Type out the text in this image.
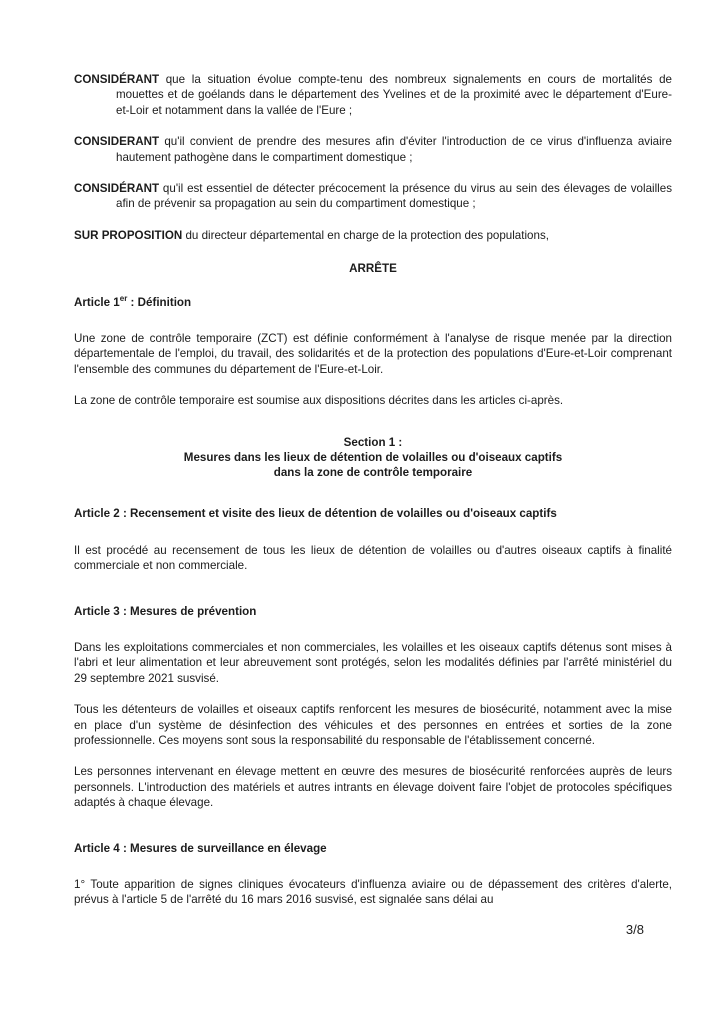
CONSIDÉRANT que la situation évolue compte-tenu des nombreux signalements en cours de mortalités de mouettes et de goélands dans le département des Yvelines et de la proximité avec le département d'Eure-et-Loir et notamment dans la vallée de l'Eure ;

CONSIDERANT qu'il convient de prendre des mesures afin d'éviter l'introduction de ce virus d'influenza aviaire hautement pathogène dans le compartiment domestique ;

CONSIDÉRANT qu'il est essentiel de détecter précocement la présence du virus au sein des élevages de volailles afin de prévenir sa propagation au sein du compartiment domestique ;

SUR PROPOSITION du directeur départemental en charge de la protection des populations,

ARRÊTE
Article 1er : Définition

Une zone de contrôle temporaire (ZCT) est définie conformément à l'analyse de risque menée par la direction départementale de l'emploi, du travail, des solidarités et de la protection des populations d'Eure-et-Loir comprenant l'ensemble des communes du département de l'Eure-et-Loir.

La zone de contrôle temporaire est soumise aux dispositions décrites dans les articles ci-après.

Section 1 :
Mesures dans les lieux de détention de volailles ou d'oiseaux captifs
dans la zone de contrôle temporaire
Article 2 : Recensement et visite des lieux de détention de volailles ou d'oiseaux captifs

Il est procédé au recensement de tous les lieux de détention de volailles ou d'autres oiseaux captifs à finalité commerciale et non commerciale.

Article 3 : Mesures de prévention

Dans les exploitations commerciales et non commerciales, les volailles et les oiseaux captifs détenus sont mises à l'abri et leur alimentation et leur abreuvement sont protégés, selon les modalités définies par l'arrêté ministériel du 29 septembre 2021 susvisé.

Tous les détenteurs de volailles et oiseaux captifs renforcent les mesures de biosécurité, notamment avec la mise en place d'un système de désinfection des véhicules et des personnes en entrées et sorties de la zone professionnelle. Ces moyens sont sous la responsabilité du responsable de l'établissement concerné.

Les personnes intervenant en élevage mettent en œuvre des mesures de biosécurité renforcées auprès de leurs personnels. L'introduction des matériels et autres intrants en élevage doivent faire l'objet de protocoles spécifiques adaptés à chaque élevage.

Article 4 : Mesures de surveillance en élevage

1° Toute apparition de signes cliniques évocateurs d'influenza aviaire ou de dépassement des critères d'alerte, prévus à l'article 5 de l'arrêté du 16 mars 2016 susvisé, est signalée sans délai au

3/8
